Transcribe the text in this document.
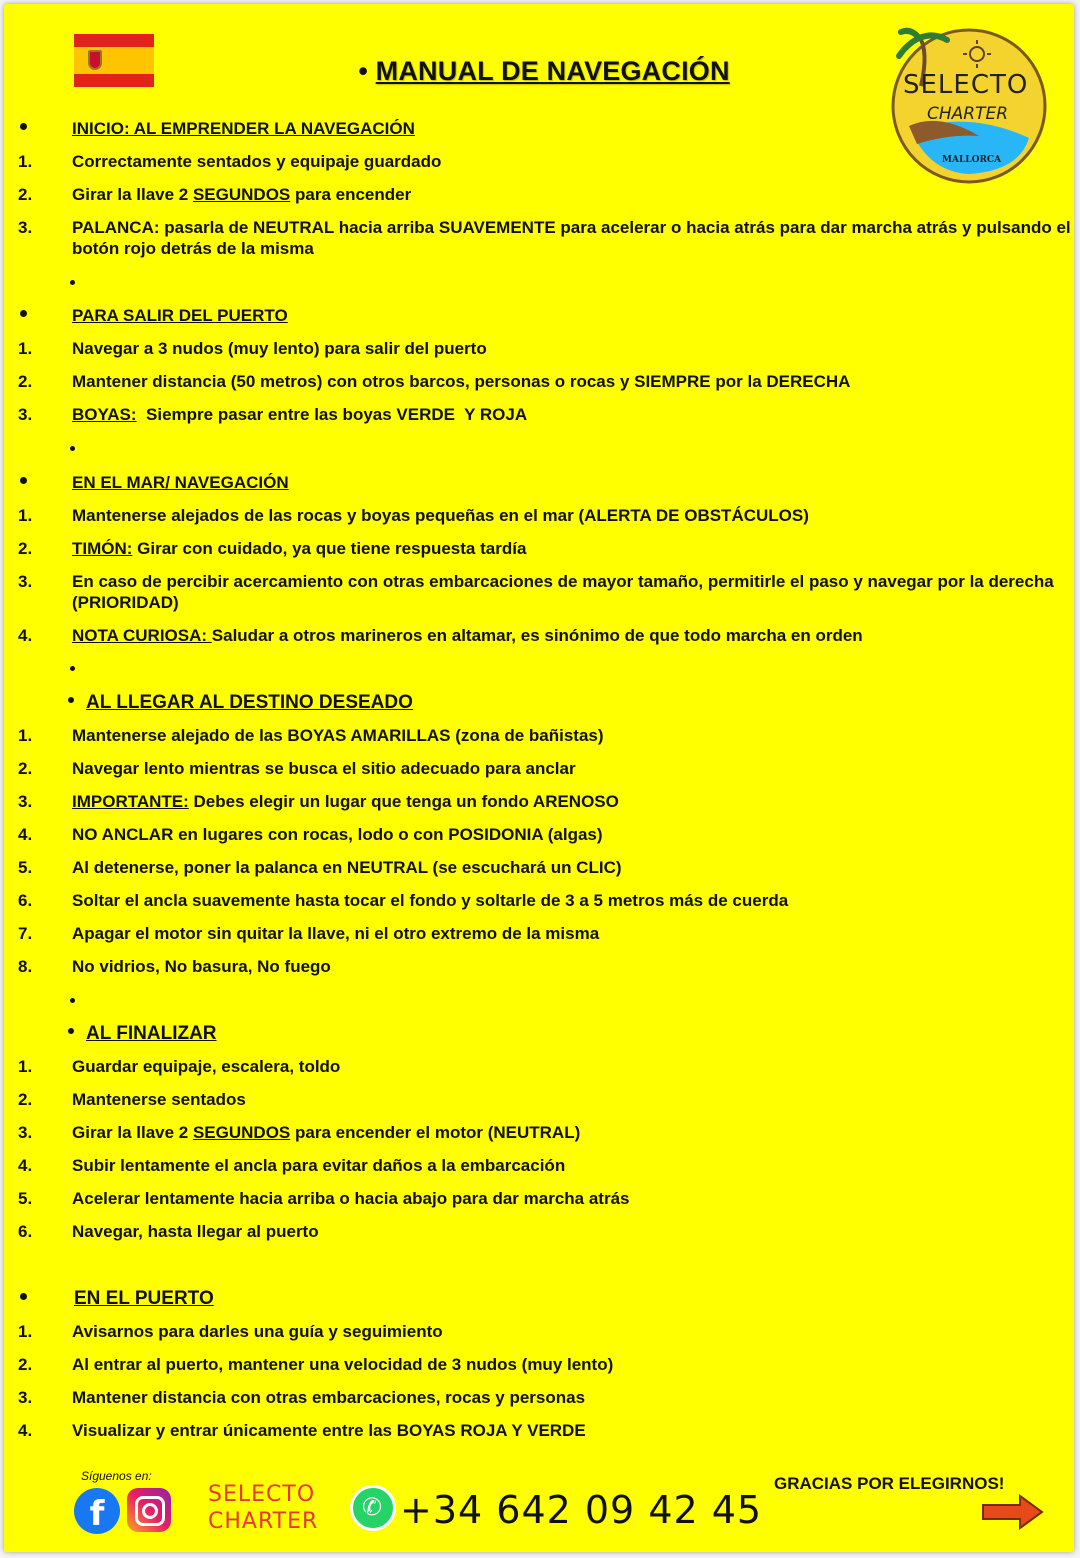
• MANUAL DE NAVEGACIÓN	SELECTO
CHARTER
MALLORCA
INICIO: AL EMPRENDER LA NAVEGACIÓN
1.	Correctamente sentados y equipaje guardado
2.	Girar la llave 2 SEGUNDOS para encender
3.	PALANCA: pasarla de NEUTRAL hacia arriba SUAVEMENTE para acelerar o hacia atrás para dar marcha atrás y pulsando el botón rojo detrás de la misma
PARA SALIR DEL PUERTO
1.	Navegar a 3 nudos (muy lento) para salir del puerto
2.	Mantener distancia (50 metros) con otros barcos, personas o rocas y SIEMPRE por la DERECHA
3.	BOYAS:  Siempre pasar entre las boyas VERDE  Y ROJA
EN EL MAR/ NAVEGACIÓN
1.	Mantenerse alejados de las rocas y boyas pequeñas en el mar (ALERTA DE OBSTÁCULOS)
2.	TIMÓN: Girar con cuidado, ya que tiene respuesta tardía
3.	En caso de percibir acercamiento con otras embarcaciones de mayor tamaño, permitirle el paso y navegar por la derecha (PRIORIDAD)
4.	NOTA CURIOSA: Saludar a otros marineros en altamar, es sinónimo de que todo marcha en orden
AL LLEGAR AL DESTINO DESEADO
1.	Mantenerse alejado de las BOYAS AMARILLAS (zona de bañistas)
2.	Navegar lento mientras se busca el sitio adecuado para anclar
3.	IMPORTANTE: Debes elegir un lugar que tenga un fondo ARENOSO
4.	NO ANCLAR en lugares con rocas, lodo o con POSIDONIA (algas)
5.	Al detenerse, poner la palanca en NEUTRAL (se escuchará un CLIC)
6.	Soltar el ancla suavemente hasta tocar el fondo y soltarle de 3 a 5 metros más de cuerda
7.	Apagar el motor sin quitar la llave, ni el otro extremo de la misma
8.	No vidrios, No basura, No fuego
AL FINALIZAR
1.	Guardar equipaje, escalera, toldo
2.	Mantenerse sentados
3.	Girar la llave 2 SEGUNDOS para encender el motor (NEUTRAL)
4.	Subir lentamente el ancla para evitar daños a la embarcación
5.	Acelerar lentamente hacia arriba o hacia abajo para dar marcha atrás
6.	Navegar, hasta llegar al puerto
EN EL PUERTO
1.	Avisarnos para darles una guía y seguimiento
2.	Al entrar al puerto, mantener una velocidad de 3 nudos (muy lento)
3.	Mantener distancia con otras embarcaciones, rocas y personas
4.	Visualizar y entrar únicamente entre las BOYAS ROJA Y VERDE
Síguenos en:
f	SELECTO
CHARTER
✆ +34 642 09 42 45
GRACIAS POR ELEGIRNOS!
